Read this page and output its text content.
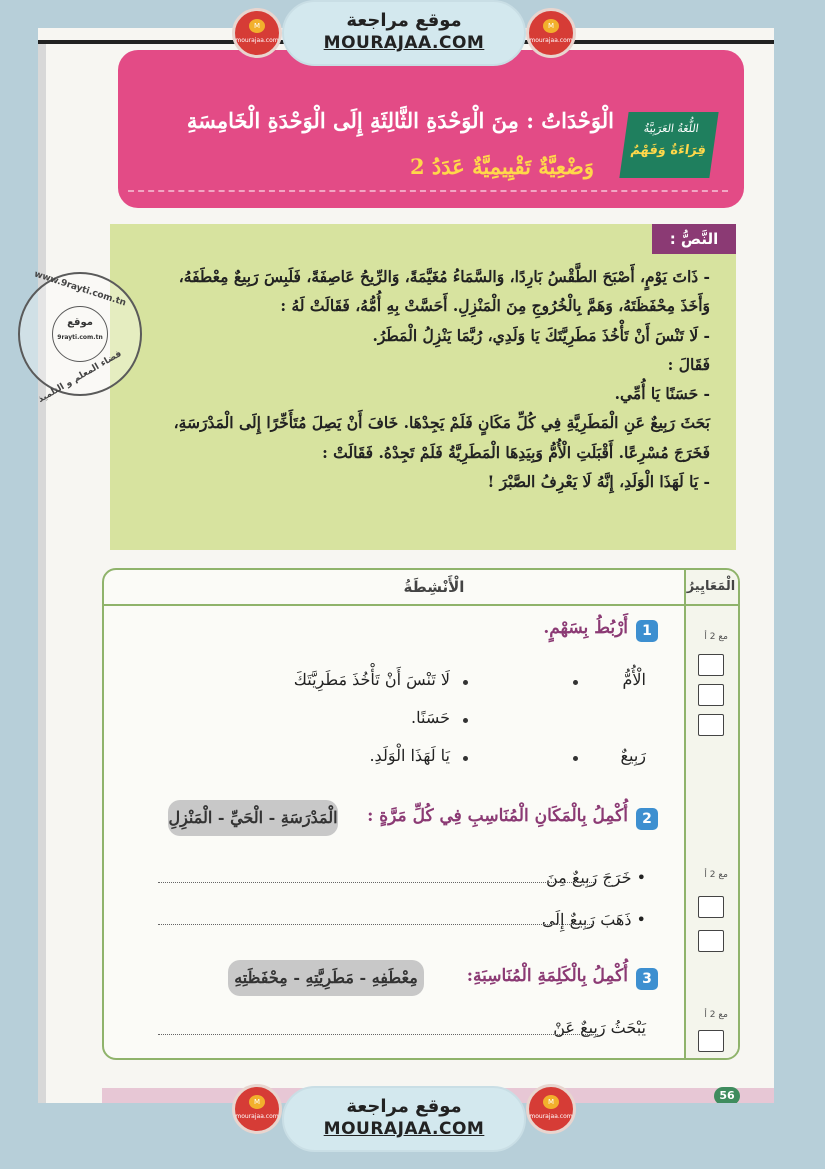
الْوَحْدَاتُ : مِنَ الْوَحْدَةِ الثَّالِثَةِ إِلَى الْوَحْدَةِ الْخَامِسَةِ
وَضْعِيَّةٌ تَقْيِيمِيَّةٌ عَدَدُ 2
اللُّغَةُ العَرَبِيَّةُ
قِرَاءَةٌ وَفَهْمٌ
النَّصُّ :
- ذَاتَ يَوْمٍ، أَصْبَحَ الطَّقْسُ بَارِدًا، وَالسَّمَاءُ مُغَيَّمَةً، وَالرِّيحُ عَاصِفَةً، فَلَبِسَ رَبِيعٌ مِعْطَفَهُ،
وَأَخَذَ مِحْفَظَتَهُ، وَهَمَّ بِالْخُرُوجِ مِنَ الْمَنْزِلِ. أَحَسَّتْ بِهِ أُمُّهُ، فَقَالَتْ لَهُ :
- لَا تَنْسَ أَنْ تَأْخُذَ مَطَرِيَّتَكَ يَا وَلَدِي، رُبَّمَا يَنْزِلُ الْمَطَرُ.
فَقَالَ :
- حَسَنًا يَا أُمِّي.
بَحَثَ رَبِيعٌ عَنِ الْمَطَرِيَّةِ فِي كُلِّ مَكَانٍ فَلَمْ يَجِدْهَا. خَافَ أَنْ يَصِلَ مُتَأَخِّرًا إِلَى الْمَدْرَسَةِ،
فَخَرَجَ مُسْرِعًا. أَقْبَلَتِ الْأُمُّ وَبِيَدِهَا الْمَطَرِيَّةُ فَلَمْ تَجِدْهُ. فَقَالَتْ :
- يَا لَهَذَا الْوَلَدِ، إِنَّهُ لَا يَعْرِفُ الصَّبْرَ !
الْأَنْشِطَةُ	الْمَعَايِيرُ
1
أَرْبُطُ بِسَهْمٍ.	مع 2 أ
الْأُمُّ
رَبِيعٌ
لَا تَنْسَ أَنْ تَأْخُذَ مَطَرِيَّتَكَ
حَسَنًا.
يَا لَهَذَا الْوَلَدِ.
2
أُكْمِلُ بِالْمَكَانِ الْمُنَاسِبِ فِي كُلِّ مَرَّةٍ :
الْمَدْرَسَةِ - الْحَيِّ - الْمَنْزِلِ
مع 2 أ
• خَرَجَ رَبِيعٌ مِنَ
• ذَهَبَ رَبِيعٌ إِلَى
3
أُكْمِلُ بِالْكَلِمَةِ الْمُنَاسِبَةِ:
مِعْطَفِهِ - مَطَرِيَّتِهِ - مِحْفَظَتِهِ
مع 2 أ
يَبْحَثُ رَبِيعٌ عَنْ
56
www.9rayti.com.tn
موقع
9rayti.com.tn
فضاء المعلم و التلميذ
M
mourajaa.com
موقع مراجعة
MOURAJAA.COM
M
mourajaa.com
M
mourajaa.com	موقع مراجعة
MOURAJAA.COM
M
mourajaa.com
